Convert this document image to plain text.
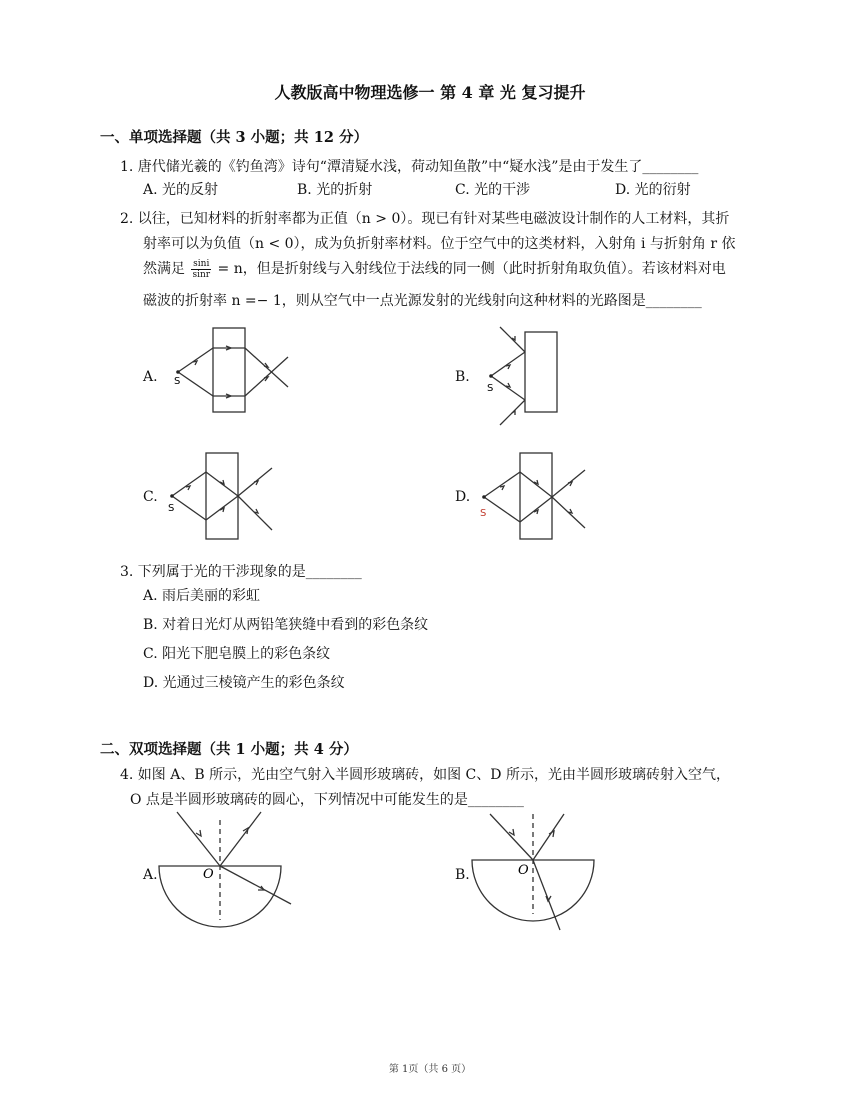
人教版高中物理选修一 第 4 章 光 复习提升
一、单项选择题（共 3 小题；共 12 分）
1. 唐代储光羲的《钓鱼湾》诗句“潭清疑水浅，荷动知鱼散”中“疑水浅”是由于发生了________
A. 光的反射	B. 光的折射	C. 光的干涉	D. 光的衍射
2. 以往，已知材料的折射率都为正值（n > 0）。现已有针对某些电磁波设计制作的人工材料，其折
射率可以为负值（n < 0），成为负折射率材料。位于空气中的这类材料，入射角 i 与折射角 r 依
然满足 $\frac{\sin i}{\sin r} = n$，但是折射线与入射线位于法线的同一侧（此时折射角取负值）。若该材料对电
磁波的折射率 n =− 1，则从空气中一点光源发射的光线射向这种材料的光路图是________
A.	B.
C.	D.
S
S
S	S
3. 下列属于光的干涉现象的是________
A. 雨后美丽的彩虹
B. 对着日光灯从两铅笔狭缝中看到的彩色条纹
C. 阳光下肥皂膜上的彩色条纹
D. 光通过三棱镜产生的彩色条纹
二、双项选择题（共 1 小题；共 4 分）
4. 如图 A、B 所示，光由空气射入半圆形玻璃砖，如图 C、D 所示，光由半圆形玻璃砖射入空气，
O 点是半圆形玻璃砖的圆心，下列情况中可能发生的是________
A.	B.
O	O
第 1页（共 6 页）
